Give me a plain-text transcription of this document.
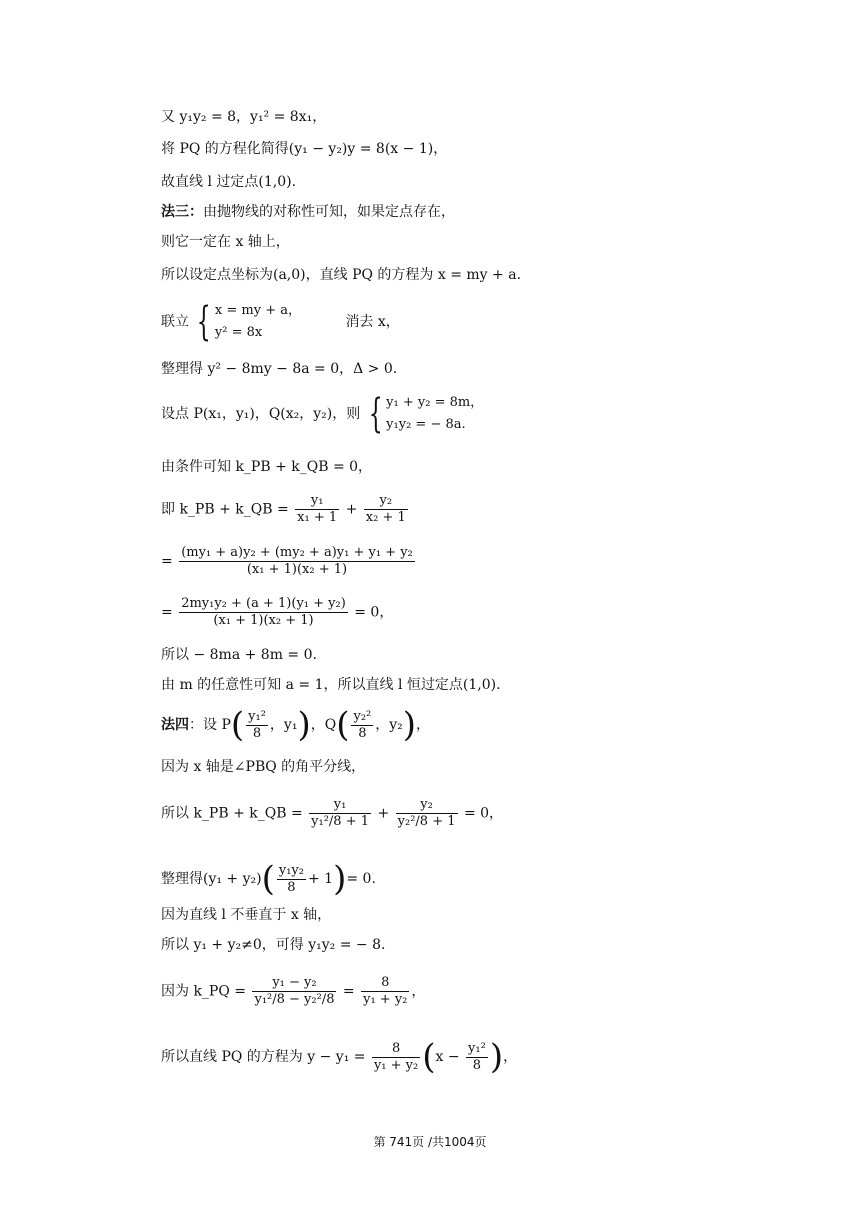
又 y₁y₂ = 8，y₁² = 8x₁，
将 PQ 的方程化简得(y₁ − y₂)y = 8(x − 1)，
故直线 l 过定点(1,0).
法三：由抛物线的对称性可知，如果定点存在，
则它一定在 x 轴上，
所以设定点坐标为(a,0)，直线 PQ 的方程为 x = my + a.
联立 { x = my + a，
y² = 8x
消去 x，
整理得 y² − 8my − 8a = 0，Δ > 0.
设点 P(x₁，y₁)，Q(x₂，y₂)，则 { y₁ + y₂ = 8m，
y₁y₂ = − 8a.
由条件可知 k_PB + k_QB = 0，
即 k_PB + k_QB = $\frac{\text{y₁}}{\text{x₁ + 1}} + \frac{\text{y₂}}{\text{x₂ + 1}}$
= $\frac{\text{(my₁ + a)y₂ + (my₂ + a)y₁ + y₁ + y₂}}{\text{(x₁ + 1)(x₂ + 1)}}$
= $\frac{\text{2my₁y₂ + (a + 1)(y₁ + y₂)}}{\text{(x₁ + 1)(x₂ + 1)}} = 0$，
所以 − 8ma + 8m = 0.
由 m 的任意性可知 a = 1，所以直线 l 恒过定点(1,0).
法四：设 $P( \frac{\text{y₁²}}{8}$ ，y₁)，$Q( \frac{\text{y₂²}}{8}$ ，y₂)，
因为 x 轴是∠PBQ 的角平分线，
所以 k_PB + k_QB = $\frac{\text{y₁}}{\text{y₁²/8 + 1}} + \frac{\text{y₂}}{\text{y₂²/8 + 1}} = 0$，
整理得$(y_1 + y_2)( \frac{\text{y₁y₂}}{8} + 1)= 0$.
因为直线 l 不垂直于 x 轴，
所以 y₁ + y₂≠0，可得 y₁y₂ = − 8.
因为 k_PQ = $\frac{\text{y₁ − y₂}}{\text{y₁²/8 − y₂²/8}} = \frac{8}{\text{y₁ + y₂}}$ ，
所以直线 PQ 的方程为 $y - y_1 = \frac{8}{\text{y₁ + y₂}} (x - \frac{\text{y₁²}}{8}$ )，
第 741页 /共1004页
